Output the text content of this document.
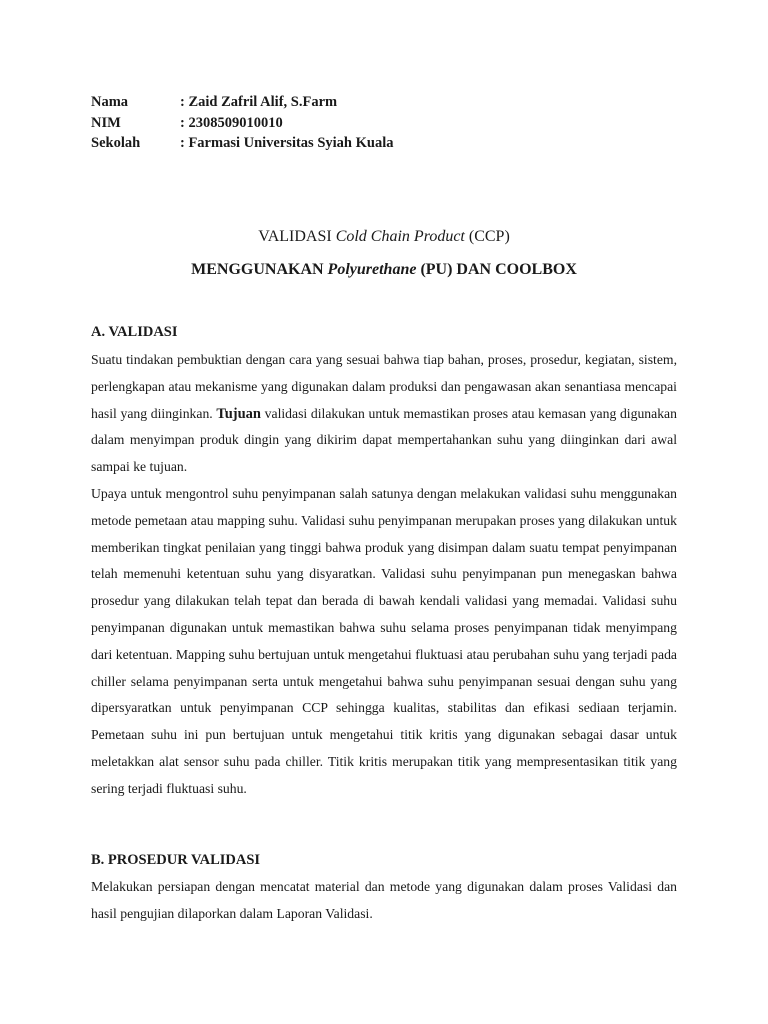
Nama	: Zaid Zafril Alif, S.Farm
NIM	: 2308509010010
Sekolah	: Farmasi Universitas Syiah Kuala
VALIDASI Cold Chain Product (CCP)
MENGGUNAKAN Polyurethane (PU) DAN COOLBOX
A. VALIDASI
Suatu tindakan pembuktian dengan cara yang sesuai bahwa tiap bahan, proses, prosedur, kegiatan, sistem, perlengkapan atau mekanisme yang digunakan dalam produksi dan pengawasan akan senantiasa mencapai hasil yang diinginkan. Tujuan validasi dilakukan untuk memastikan proses atau kemasan yang digunakan dalam menyimpan produk dingin yang dikirim dapat mempertahankan suhu yang diinginkan dari awal sampai ke tujuan.
Upaya untuk mengontrol suhu penyimpanan salah satunya dengan melakukan validasi suhu menggunakan metode pemetaan atau mapping suhu. Validasi suhu penyimpanan merupakan proses yang dilakukan untuk memberikan tingkat penilaian yang tinggi bahwa produk yang disimpan dalam suatu tempat penyimpanan telah memenuhi ketentuan suhu yang disyaratkan. Validasi suhu penyimpanan pun menegaskan bahwa prosedur yang dilakukan telah tepat dan berada di bawah kendali validasi yang memadai. Validasi suhu penyimpanan digunakan untuk memastikan bahwa suhu selama proses penyimpanan tidak menyimpang dari ketentuan. Mapping suhu bertujuan untuk mengetahui fluktuasi atau perubahan suhu yang terjadi pada chiller selama penyimpanan serta untuk mengetahui bahwa suhu penyimpanan sesuai dengan suhu yang dipersyaratkan untuk penyimpanan CCP sehingga kualitas, stabilitas dan efikasi sediaan terjamin. Pemetaan suhu ini pun bertujuan untuk mengetahui titik kritis yang digunakan sebagai dasar untuk meletakkan alat sensor suhu pada chiller. Titik kritis merupakan titik yang mempresentasikan titik yang sering terjadi fluktuasi suhu.
B. PROSEDUR VALIDASI
Melakukan persiapan dengan mencatat material dan metode yang digunakan dalam proses Validasi dan hasil pengujian dilaporkan dalam Laporan Validasi.
